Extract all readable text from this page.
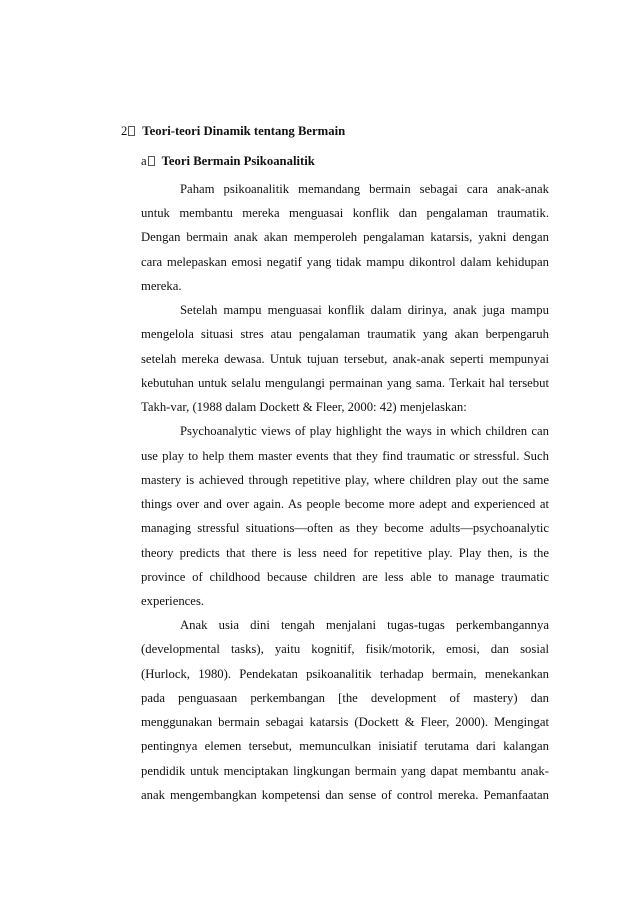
2 Teori-teori Dinamik tentang Bermain
a Teori Bermain Psikoanalitik
Paham psikoanalitik memandang bermain sebagai cara anak-anak
untuk membantu mereka menguasai konflik dan pengalaman traumatik.
Dengan bermain anak akan memperoleh pengalaman katarsis, yakni dengan
cara melepaskan emosi negatif yang tidak mampu dikontrol dalam kehidupan
mereka.
Setelah mampu menguasai konflik dalam dirinya, anak juga mampu
mengelola situasi stres atau pengalaman traumatik yang akan berpengaruh
setelah mereka dewasa. Untuk tujuan tersebut, anak-anak seperti mempunyai
kebutuhan untuk selalu mengulangi permainan yang sama. Terkait hal tersebut
Takh-var, (1988 dalam Dockett & Fleer, 2000: 42) menjelaskan:
Psychoanalytic views of play highlight the ways in which children can
use play to help them master events that they find traumatic or stressful. Such
mastery is achieved through repetitive play, where children play out the same
things over and over again. As people become more adept and experienced at
managing stressful situations—often as they become adults—psychoanalytic
theory predicts that there is less need for repetitive play. Play then, is the
province of childhood because children are less able to manage traumatic
experiences.
Anak usia dini tengah menjalani tugas-tugas perkembangannya
(developmental tasks), yaitu kognitif, fisik/motorik, emosi, dan sosial
(Hurlock, 1980). Pendekatan psikoanalitik terhadap bermain, menekankan
pada penguasaan perkembangan [the development of mastery) dan
menggunakan bermain sebagai katarsis (Dockett & Fleer, 2000). Mengingat
pentingnya elemen tersebut, memunculkan inisiatif terutama dari kalangan
pendidik untuk menciptakan lingkungan bermain yang dapat membantu anak-
anak mengembangkan kompetensi dan sense of control mereka. Pemanfaatan
